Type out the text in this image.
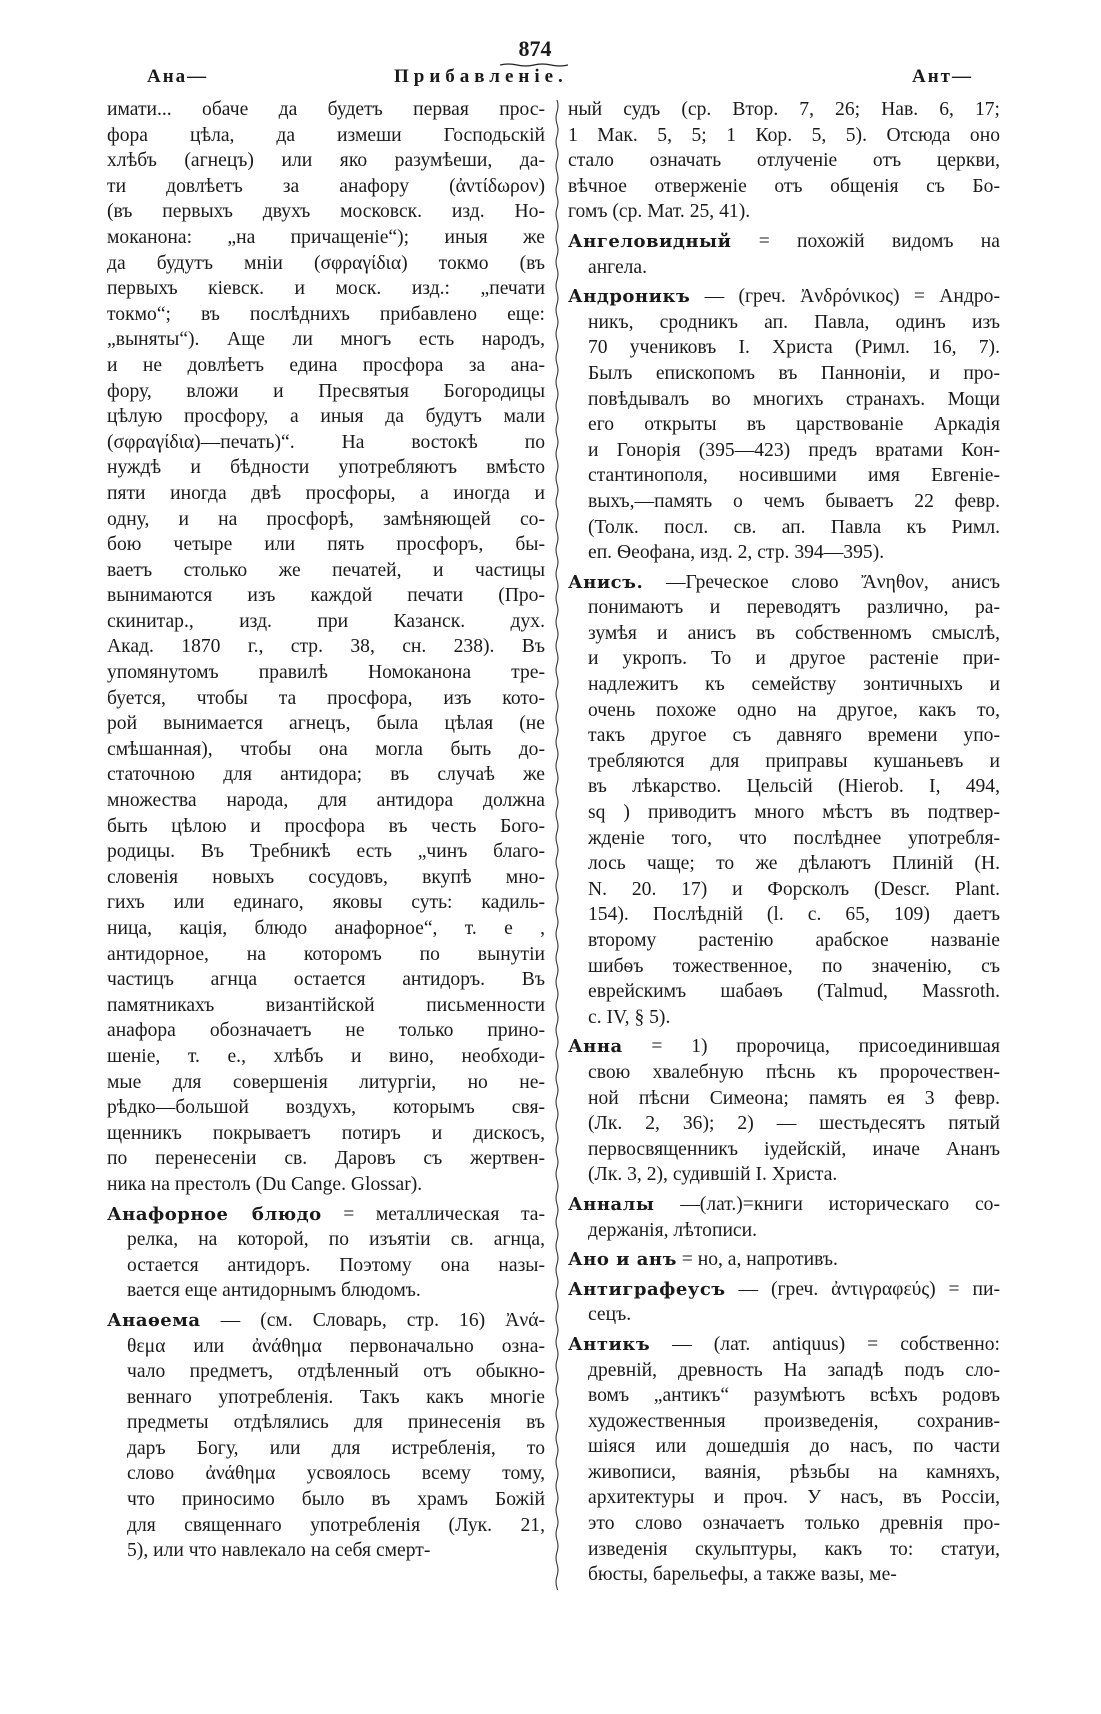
874
Ана—	Прибавленіе.	Ант—
имати... обаче да будетъ первая прос-
фора цѣла, да измеши Господьскій
хлѣбъ (агнецъ) или яко разумѣеши, да-
ти довлѣетъ за анафору (ἀντίδωρον)
(въ первыхъ двухъ московск. изд. Но-
моканона: „на причащеніе“); иныя же
да будутъ мніи (σφραγίδια) токмо (въ
первыхъ кіевск. и моск. изд.: „печати
токмо“; въ послѣднихъ прибавлено еще:
„выняты“). Аще ли многъ есть народъ,
и не довлѣетъ едина просфора за ана-
фору, вложи и Пресвятыя Богородицы
цѣлую просфору, а иныя да будутъ мали
(σφραγίδια)—печать)“. На востокѣ по
нуждѣ и бѣдности употребляютъ вмѣсто
пяти иногда двѣ просфоры, а иногда и
одну, и на просфорѣ, замѣняющей со-
бою четыре или пять просфоръ, бы-
ваетъ столько же печатей, и частицы
вынимаются изъ каждой печати (Про-
скинитар., изд. при Казанск. дух.
Акад. 1870 г., стр. 38, сн. 238). Въ
упомянутомъ правилѣ Номоканона тре-
буется, чтобы та просфора, изъ кото-
рой вынимается агнецъ, была цѣлая (не
смѣшанная), чтобы она могла быть до-
статочною для антидора; въ случаѣ же
множества народа, для антидора должна
быть цѣлою и просфора въ честь Бого-
родицы. Въ Требникѣ есть „чинъ благо-
словенія новыхъ сосудовъ, вкупѣ мно-
гихъ или единаго, яковы суть: кадиль-
ница, кація, блюдо анафорное“, т. е ,
антидорное, на которомъ по вынутіи
частицъ агнца остается антидоръ. Въ
памятникахъ византійской письменности
анафора обозначаетъ не только прино-
шеніе, т. е., хлѣбъ и вино, необходи-
мые для совершенія литургіи, но не-
рѣдко—большой воздухъ, которымъ свя-
щенникъ покрываетъ потиръ и дискосъ,
по перенесеніи св. Даровъ съ жертвен-
ника на престолъ (Du Cange. Glossar).
Анафорное блюдо = металлическая та-
релка, на которой, по изъятіи св. агнца,
остается антидоръ. Поэтому она назы-
вается еще антидорнымъ блюдомъ.
Анаѳема — (см. Словарь, стр. 16) Ἀνά-
θεμα или ἀνάθημα первоначально озна-
чало предметъ, отдѣленный отъ обыкно-
веннаго употребленія. Такъ какъ многіе
предметы отдѣлялись для принесенія въ
даръ Богу, или для истребленія, то
слово ἀνάθημα усвоялось всему тому,
что приносимо было въ храмъ Божій
для священнаго употребленія (Лук. 21,
5), или что навлекало на себя смерт-
ный судъ (ср. Втор. 7, 26; Нав. 6, 17;
1 Мак. 5, 5; 1 Кор. 5, 5). Отсюда оно
стало означать отлученіе отъ церкви,
вѣчное отверженіе отъ общенія съ Бо-
гомъ (ср. Мат. 25, 41).
Ангеловидный = похожій видомъ на
ангела.
Андроникъ — (греч. Ἀνδρόνικος) = Андро-
никъ, сродникъ ап. Павла, одинъ изъ
70 учениковъ I. Христа (Римл. 16, 7).
Былъ епископомъ въ Панноніи, и про-
повѣдывалъ во многихъ странахъ. Мощи
его открыты въ царствованіе Аркадія
и Гонорія (395—423) предъ вратами Кон-
стантинополя, носившими имя Евгеніе-
выхъ,—память о чемъ бываетъ 22 февр.
(Толк. посл. св. ап. Павла къ Римл.
еп. Ѳеофана, изд. 2, стр. 394—395).
Анисъ. —Греческое слово Ἄνηθον, анисъ
понимаютъ и переводятъ различно, ра-
зумѣя и анисъ въ собственномъ смыслѣ,
и укропъ. То и другое растеніе при-
надлежитъ къ семейству зонтичныхъ и
очень похоже одно на другое, какъ то,
такъ другое съ давняго времени упо-
требляются для приправы кушаньевъ и
въ лѣкарство. Цельсій (Hierob. I, 494,
sq ) приводитъ много мѣстъ въ подтвер-
жденіе того, что послѣднее употребля-
лось чаще; то же дѣлаютъ Плиній (H.
N. 20. 17) и Форсколъ (Descr. Plant.
154). Послѣдній (l. c. 65, 109) даетъ
второму растенію арабское названіе
шибѳъ тожественное, по значенію, съ
еврейскимъ шабаѳъ (Talmud, Massroth.
c. IV, § 5).
Анна = 1) пророчица, присоединившая
свою хвалебную пѣснь къ пророчествен-
ной пѣсни Симеона; память ея 3 февр.
(Лк. 2, 36); 2) — шестьдесятъ пятый
первосвященникъ іудейскій, иначе Ананъ
(Лк. 3, 2), судившій I. Христа.
Анналы —(лат.)=книги историческаго со-
держанія, лѣтописи.
Ано и анъ = но, а, напротивъ.
Антиграфеусъ — (греч. ἀντιγραφεύς) = пи-
сецъ.
Антикъ — (лат. antiquus) = собственно:
древній, древность На западѣ подъ сло-
вомъ „антикъ“ разумѣютъ всѣхъ родовъ
художественныя произведенія, сохранив-
шіяся или дошедшія до насъ, по части
живописи, ваянія, рѣзьбы на камняхъ,
архитектуры и проч. У насъ, въ Россіи,
это слово означаетъ только древнія про-
изведенія скульптуры, какъ то: статуи,
бюсты, барельефы, а также вазы, ме-
